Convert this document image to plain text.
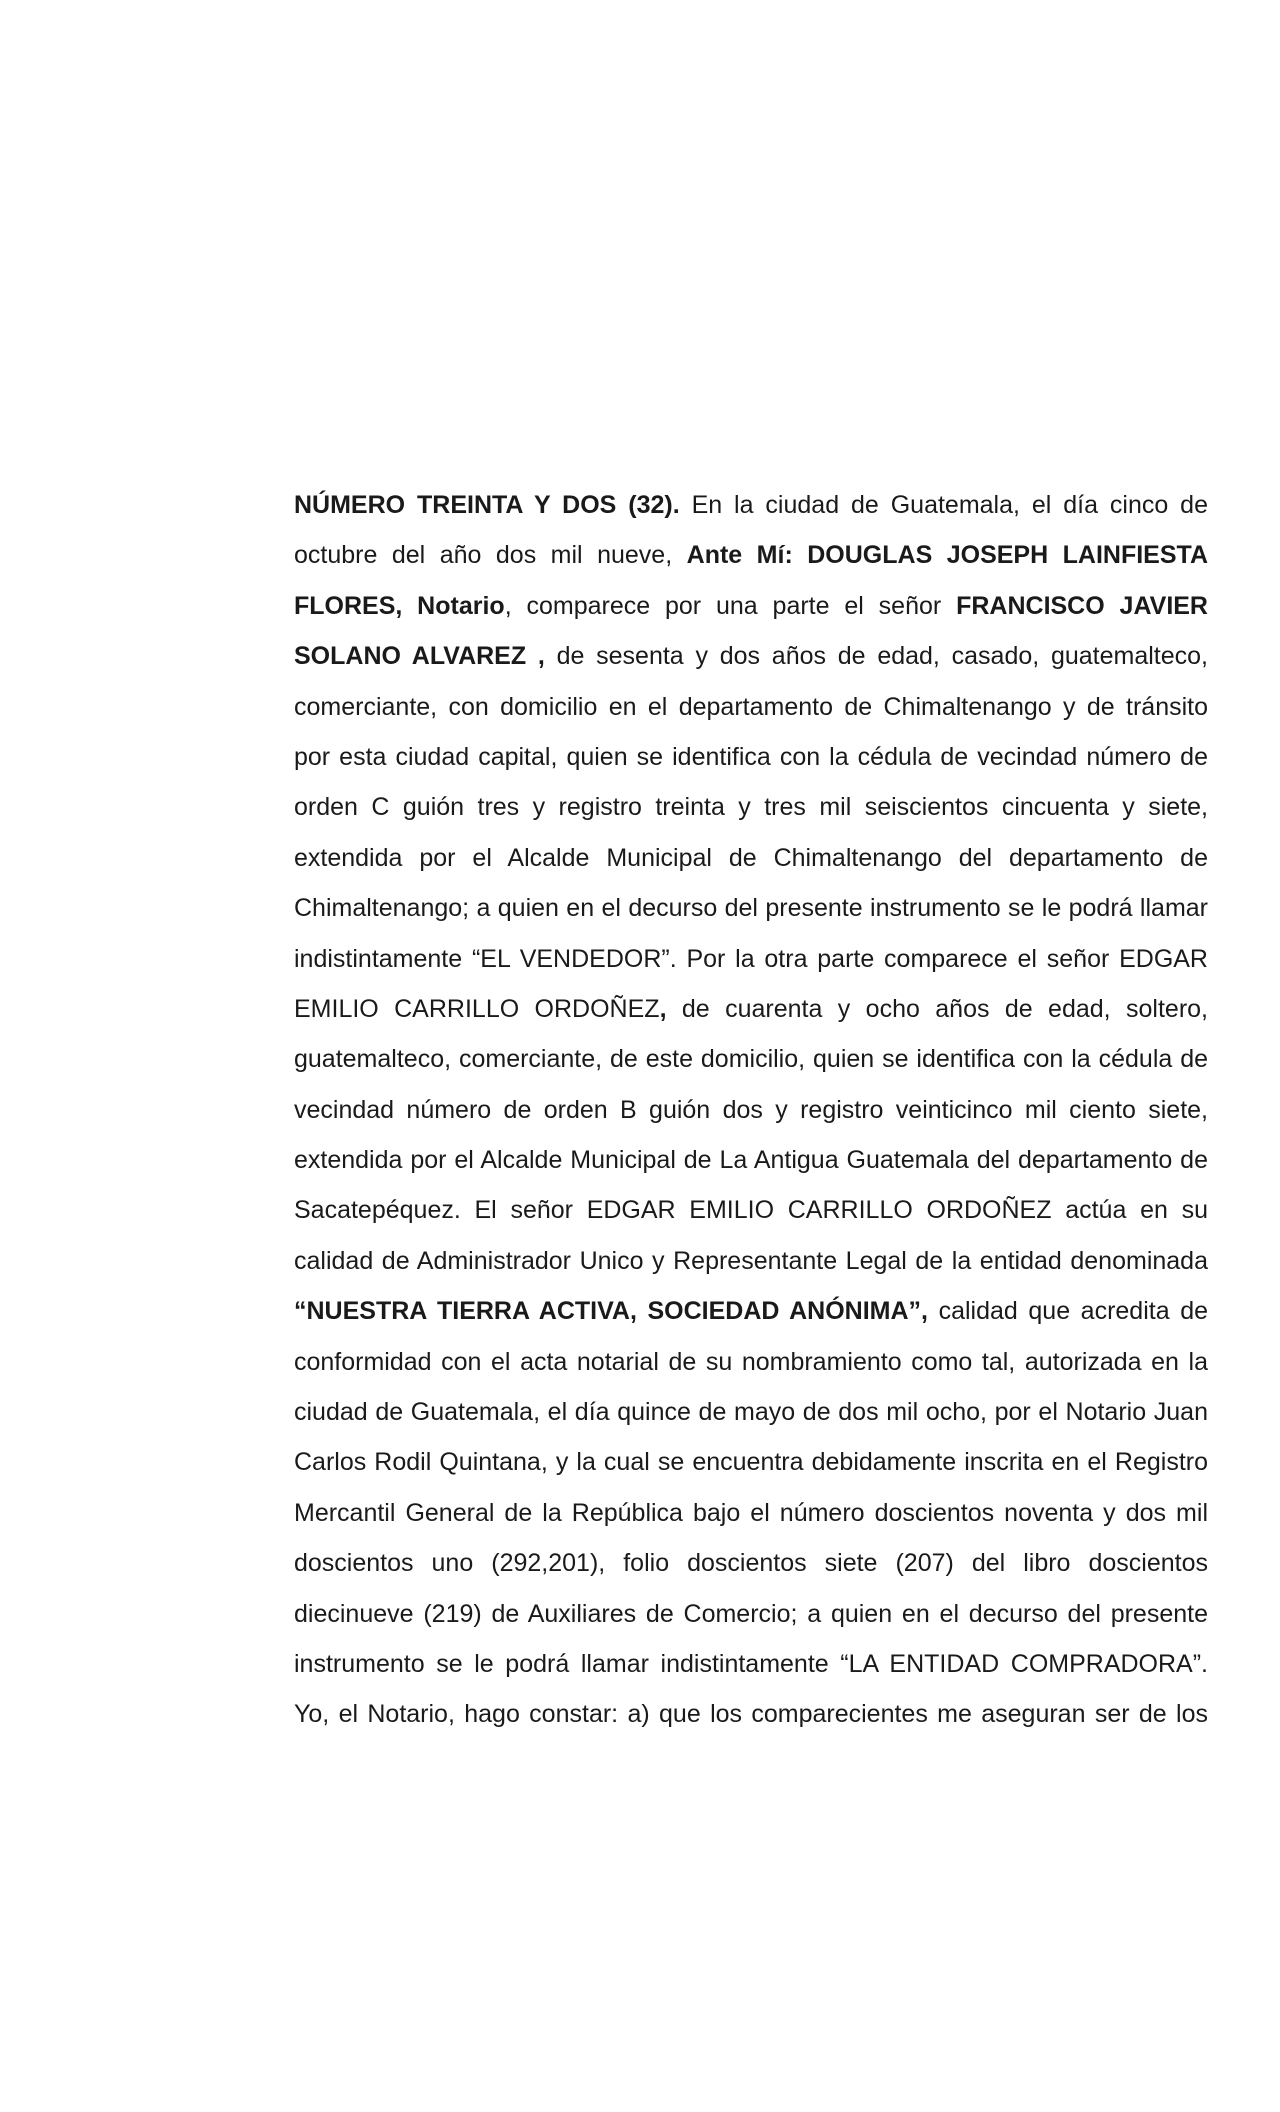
NÚMERO TREINTA Y DOS (32). En la ciudad de Guatemala, el día cinco de
octubre del año dos mil nueve, Ante Mí: DOUGLAS JOSEPH LAINFIESTA
FLORES, Notario, comparece por una parte el señor FRANCISCO JAVIER
SOLANO ALVAREZ , de sesenta y dos años de edad, casado, guatemalteco,
comerciante, con domicilio en el departamento de Chimaltenango y de tránsito
por esta ciudad capital, quien se identifica con la cédula de vecindad número de
orden C guión tres y registro treinta y tres mil seiscientos cincuenta y siete,
extendida por el Alcalde Municipal de Chimaltenango del departamento de
Chimaltenango; a quien en el decurso del presente instrumento se le podrá llamar
indistintamente “EL VENDEDOR”. Por la otra parte comparece el señor EDGAR
EMILIO CARRILLO ORDOÑEZ, de cuarenta y ocho años de edad, soltero,
guatemalteco, comerciante, de este domicilio, quien se identifica con la cédula de
vecindad número de orden B guión dos y registro veinticinco mil ciento siete,
extendida por el Alcalde Municipal de La Antigua Guatemala del departamento de
Sacatepéquez. El señor EDGAR EMILIO CARRILLO ORDOÑEZ actúa en su
calidad de Administrador Unico y Representante Legal de la entidad denominada
“NUESTRA TIERRA ACTIVA, SOCIEDAD ANÓNIMA”, calidad que acredita de
conformidad con el acta notarial de su nombramiento como tal, autorizada en la
ciudad de Guatemala, el día quince de mayo de dos mil ocho, por el Notario Juan
Carlos Rodil Quintana, y la cual se encuentra debidamente inscrita en el Registro
Mercantil General de la República bajo el número doscientos noventa y dos mil
doscientos uno (292,201), folio doscientos siete (207) del libro doscientos
diecinueve (219) de Auxiliares de Comercio; a quien en el decurso del presente
instrumento se le podrá llamar indistintamente “LA ENTIDAD COMPRADORA”.
Yo, el Notario, hago constar: a) que los comparecientes me aseguran ser de los
